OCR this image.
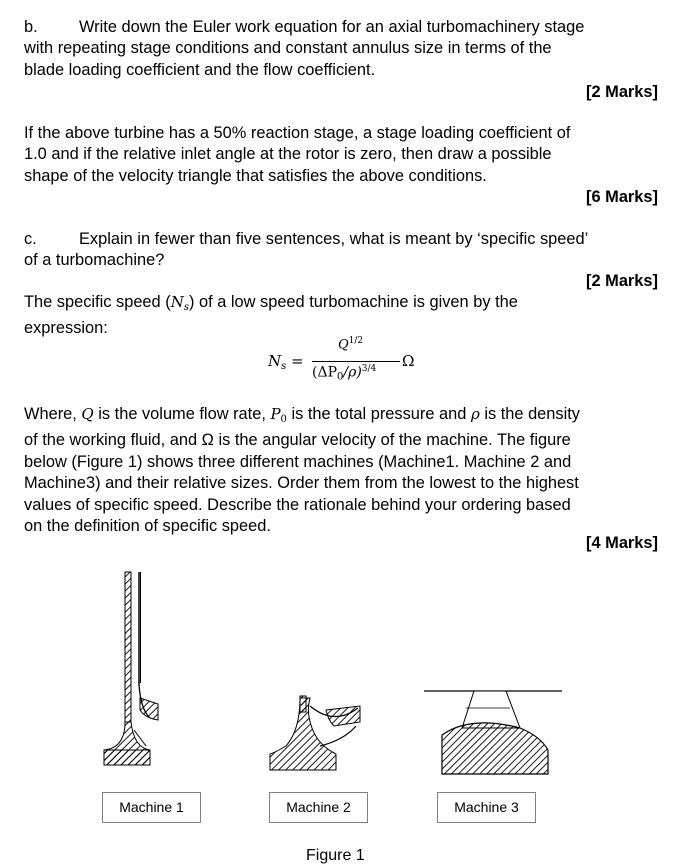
b.	Write down the Euler work equation for an axial turbomachinery stage
with repeating stage conditions and constant annulus size in terms of the
blade loading coefficient and the flow coefficient.

[2 Marks]

If the above turbine has a 50% reaction stage, a stage loading coefficient of
1.0 and if the relative inlet angle at the rotor is zero, then draw a possible
shape of the velocity triangle that satisfies the above conditions.

[6 Marks]

c.	Explain in fewer than five sentences, what is meant by ‘specific speed’
of a turbomachine?

[2 Marks]

The specific speed $(N_s)$ of a low speed turbomachine is given by the
expression:

$N_s$ =
$Q^{1/2}$
$(\Delta P_0/\rho)^{3/4}$ Ω

Where, Q is the volume flow rate, $P_0$ is the total pressure and ρ is the density
of the working fluid, and Ω is the angular velocity of the machine. The figure
below (Figure 1) shows three different machines (Machine1. Machine 2 and
Machine3) and their relative sizes. Order them from the lowest to the highest
values of specific speed. Describe the rationale behind your ordering based
on the definition of specific speed.

[4 Marks]
Machine 1	Machine 2	Machine 3
Figure 1
